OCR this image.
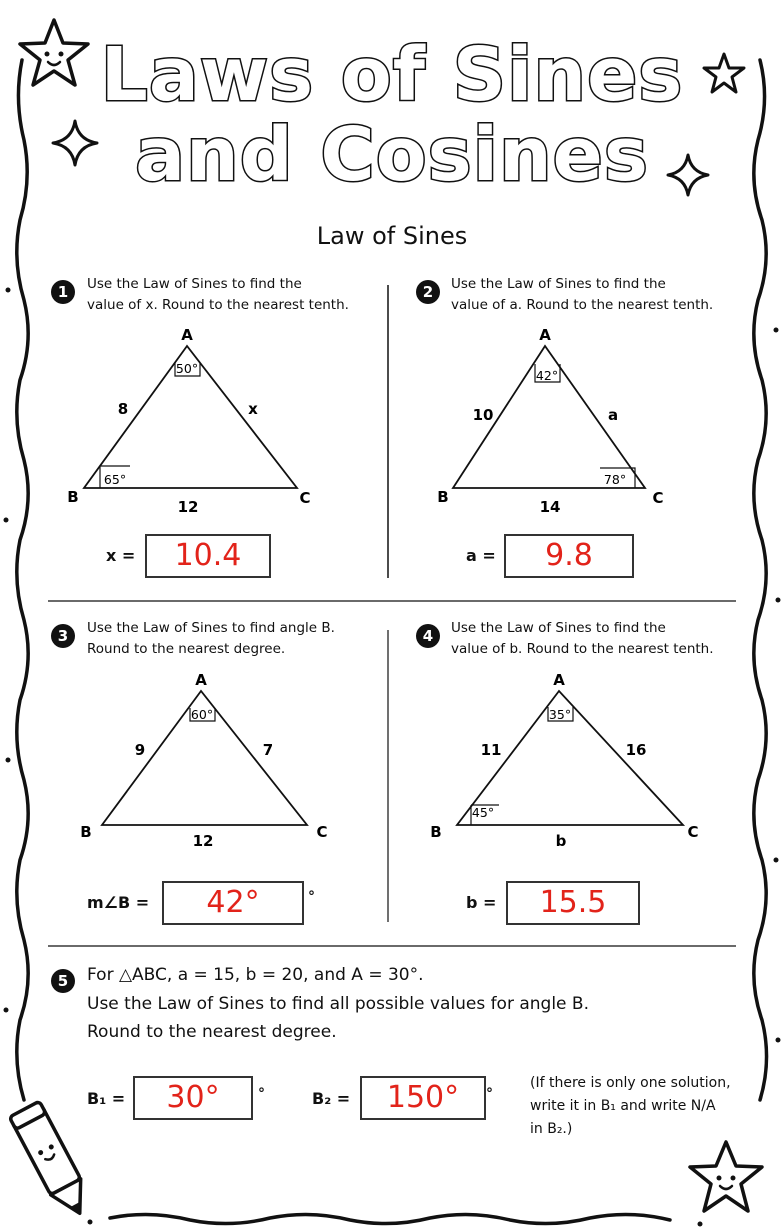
Laws of Sines
and Cosines
Law of Sines
1	Use the Law of Sines to find the
value of x. Round to the nearest tenth.
A
B	C
50°
65°
8	x
12
x =	10.4
2	Use the Law of Sines to find the
value of a. Round to the nearest tenth.
A
B	C
42°
78°
10	a
14
a =	9.8
3	Use the Law of Sines to find angle B.
Round to the nearest degree.
A
B	C
60°
9	7
12
m∠B =	42°	°
4	Use the Law of Sines to find the
value of b. Round to the nearest tenth.
A
B	C
35°
45°
11	16
b
b =	15.5
5	For △ABC, a = 15, b = 20, and A = 30°.
Use the Law of Sines to find all possible values for angle B.
Round to the nearest degree.
B₁ =	30°	°	B₂ =	150°	°
(If there is only one solution,
write it in B₁ and write N/A
in B₂.)
